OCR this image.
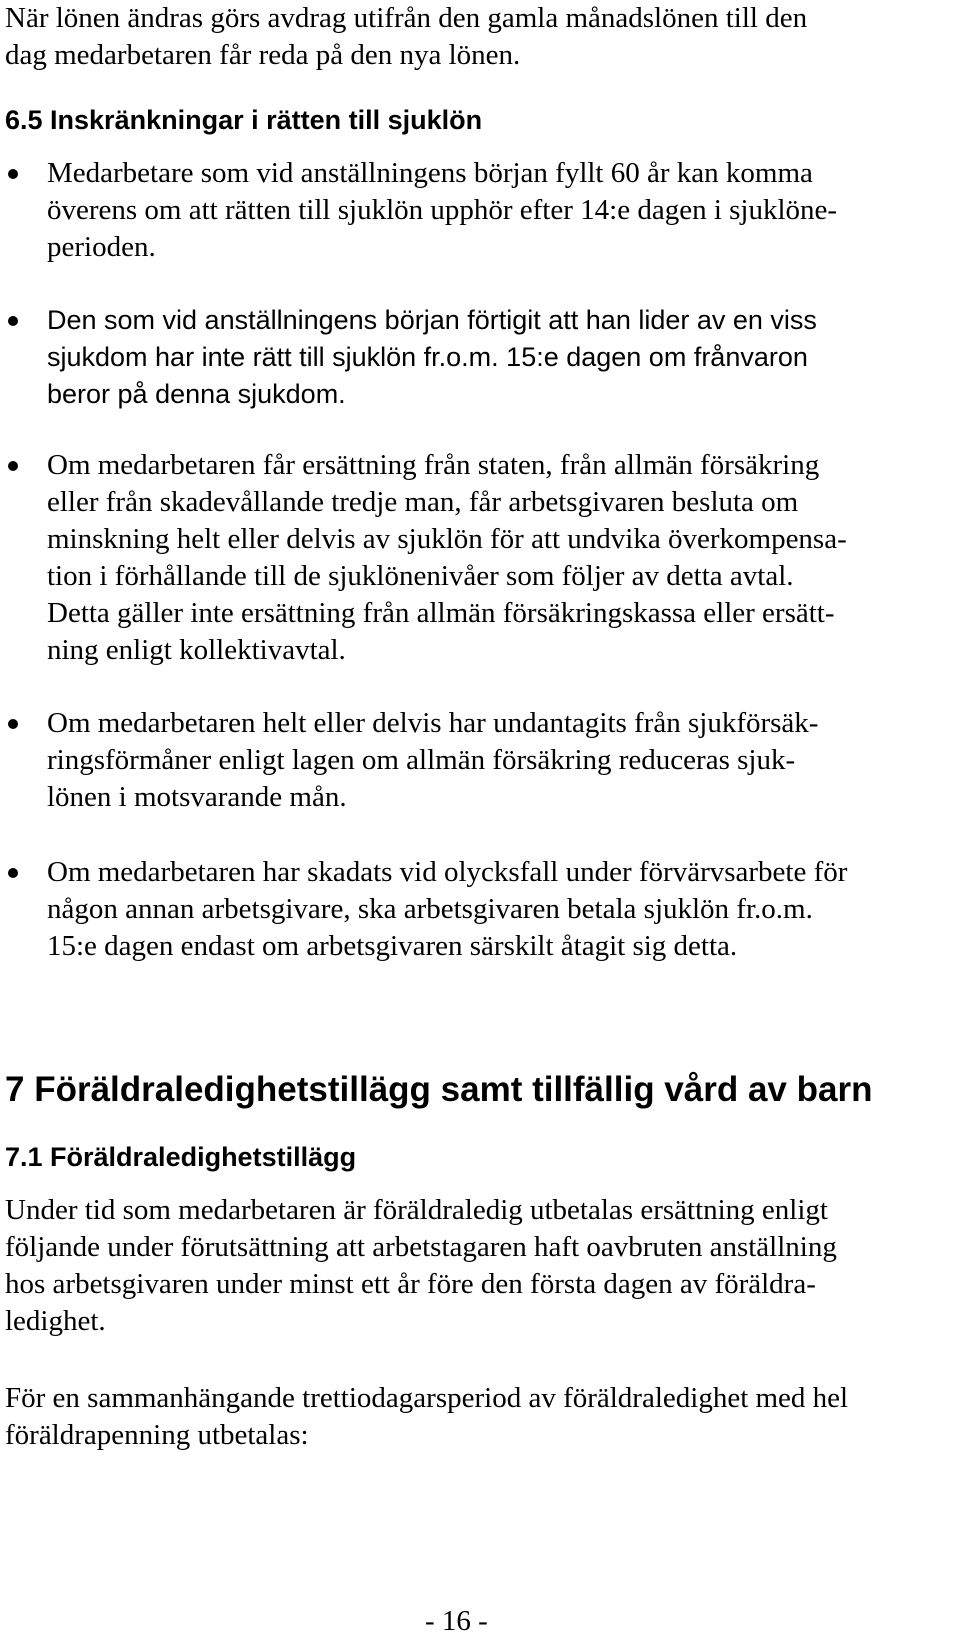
När lönen ändras görs avdrag utifrån den gamla månadslönen till den
dag medarbetaren får reda på den nya lönen.
6.5 Inskränkningar i rätten till sjuklön
Medarbetare som vid anställningens början fyllt 60 år kan komma
överens om att rätten till sjuklön upphör efter 14:e dagen i sjuklöne-
perioden.
Den som vid anställningens början förtigit att han lider av en viss
sjukdom har inte rätt till sjuklön fr.o.m. 15:e dagen om frånvaron
beror på denna sjukdom.
Om medarbetaren får ersättning från staten, från allmän försäkring
eller från skadevållande tredje man, får arbetsgivaren besluta om
minskning helt eller delvis av sjuklön för att undvika överkompensa-
tion i förhållande till de sjuklönenivåer som följer av detta avtal.
Detta gäller inte ersättning från allmän försäkringskassa eller ersätt-
ning enligt kollektivavtal.
Om medarbetaren helt eller delvis har undantagits från sjukförsäk-
ringsförmåner enligt lagen om allmän försäkring reduceras sjuk-
lönen i motsvarande mån.
Om medarbetaren har skadats vid olycksfall under förvärvsarbete för
någon annan arbetsgivare, ska arbetsgivaren betala sjuklön fr.o.m.
15:e dagen endast om arbetsgivaren särskilt åtagit sig detta.
7 Föräldraledighetstillägg samt tillfällig vård av barn
7.1 Föräldraledighetstillägg
Under tid som medarbetaren är föräldraledig utbetalas ersättning enligt
följande under förutsättning att arbetstagaren haft oavbruten anställning
hos arbetsgivaren under minst ett år före den första dagen av föräldra-
ledighet.
För en sammanhängande trettiodagarsperiod av föräldraledighet med hel
föräldrapenning utbetalas:
- 16 -
